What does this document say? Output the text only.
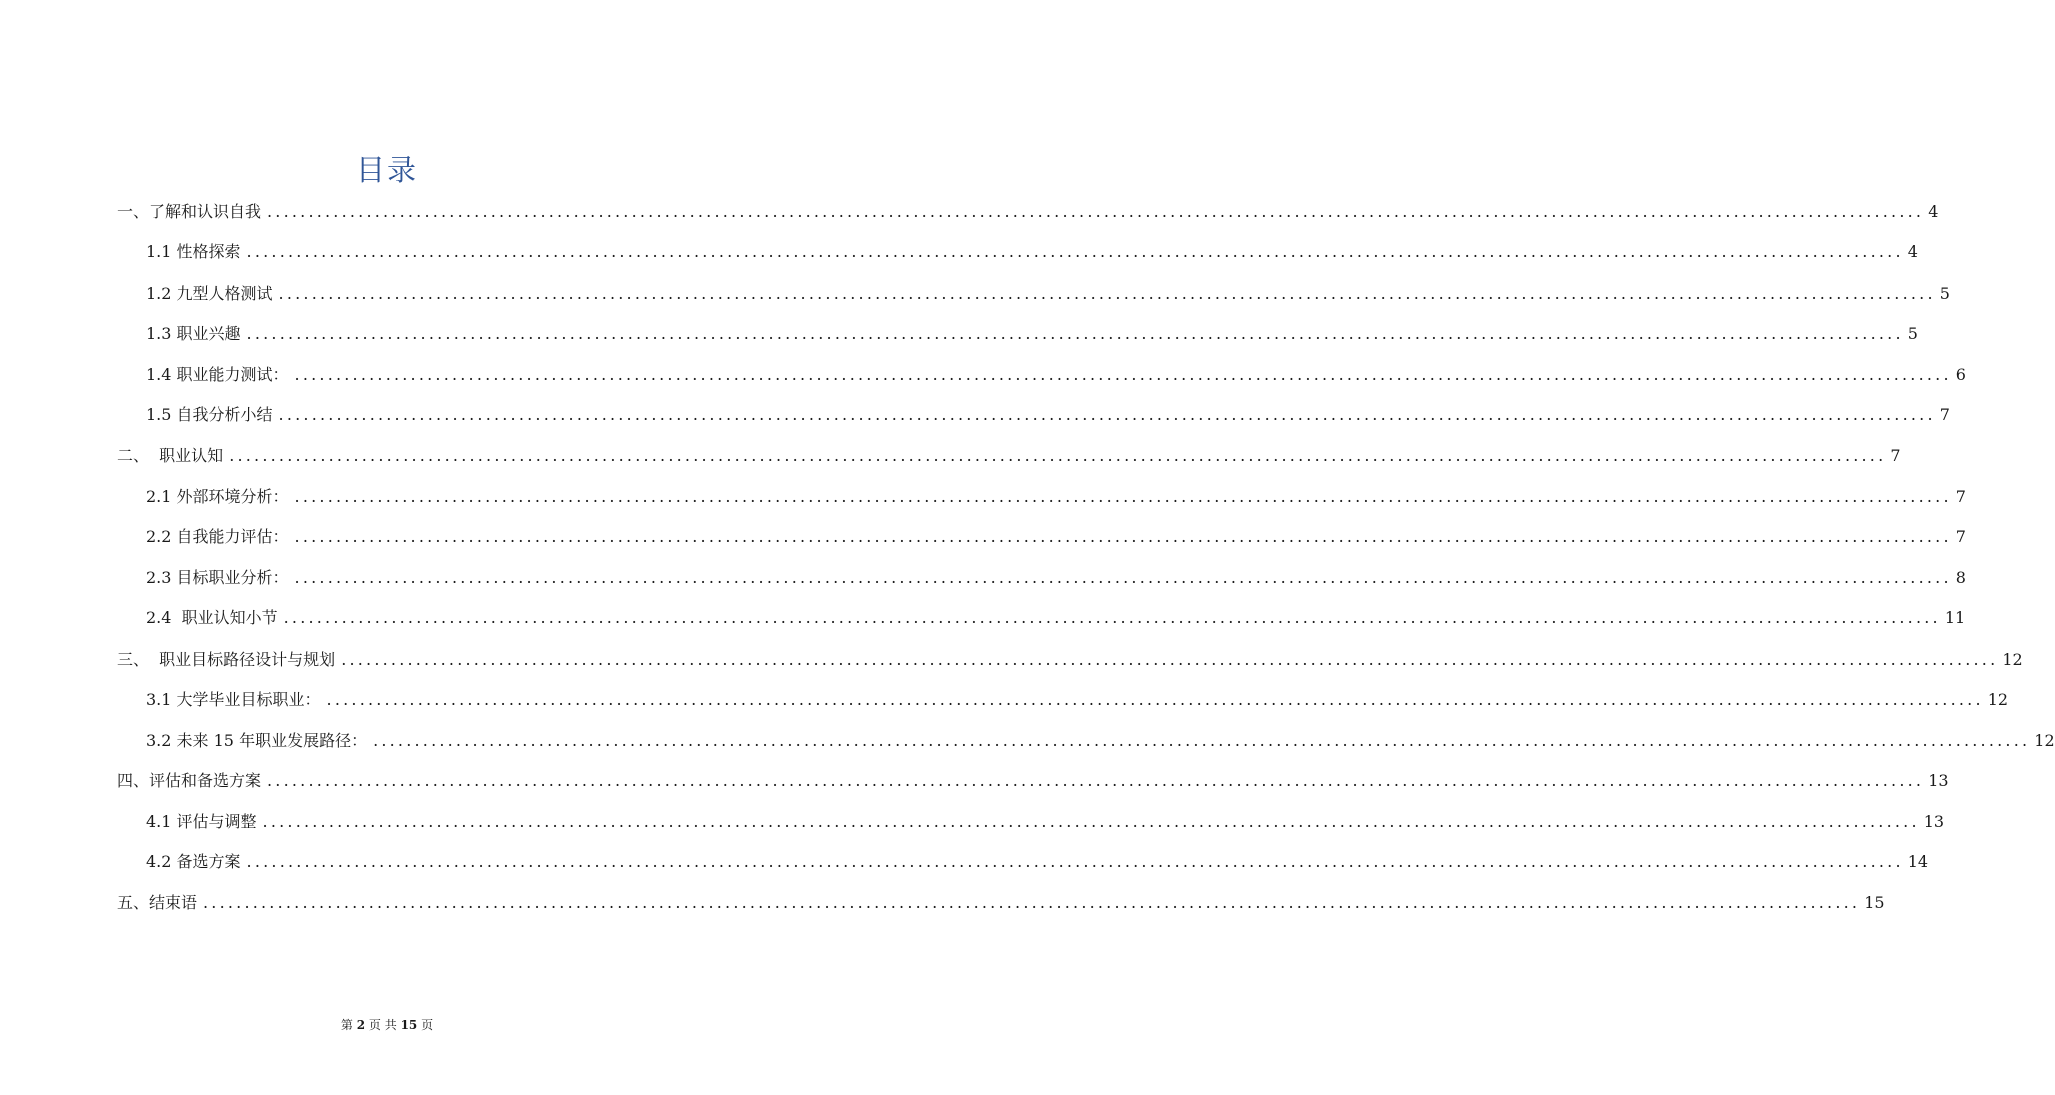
目录
一、了解和认识自我 ........................................................................................................................................................................................................ 4
1.1 性格探索 ........................................................................................................................................................................................................ 4
1.2 九型人格测试 ........................................................................................................................................................................................................ 5
1.3 职业兴趣 ........................................................................................................................................................................................................ 5
1.4 职业能力测试： ........................................................................................................................................................................................................ 6
1.5 自我分析小结 ........................................................................................................................................................................................................ 7
二、  职业认知 ........................................................................................................................................................................................................ 7
2.1 外部环境分析： ........................................................................................................................................................................................................ 7
2.2 自我能力评估： ........................................................................................................................................................................................................ 7
2.3 目标职业分析： ........................................................................................................................................................................................................ 8
2.4  职业认知小节 ........................................................................................................................................................................................................ 11
三、  职业目标路径设计与规划 ........................................................................................................................................................................................................ 12
3.1 大学毕业目标职业： ........................................................................................................................................................................................................ 12
3.2 未来 15 年职业发展路径： ........................................................................................................................................................................................................ 12
四、评估和备选方案 ........................................................................................................................................................................................................ 13
4.1 评估与调整 ........................................................................................................................................................................................................ 13
4.2 备选方案 ........................................................................................................................................................................................................ 14
五、结束语 ........................................................................................................................................................................................................ 15
第 2 页 共 15 页
